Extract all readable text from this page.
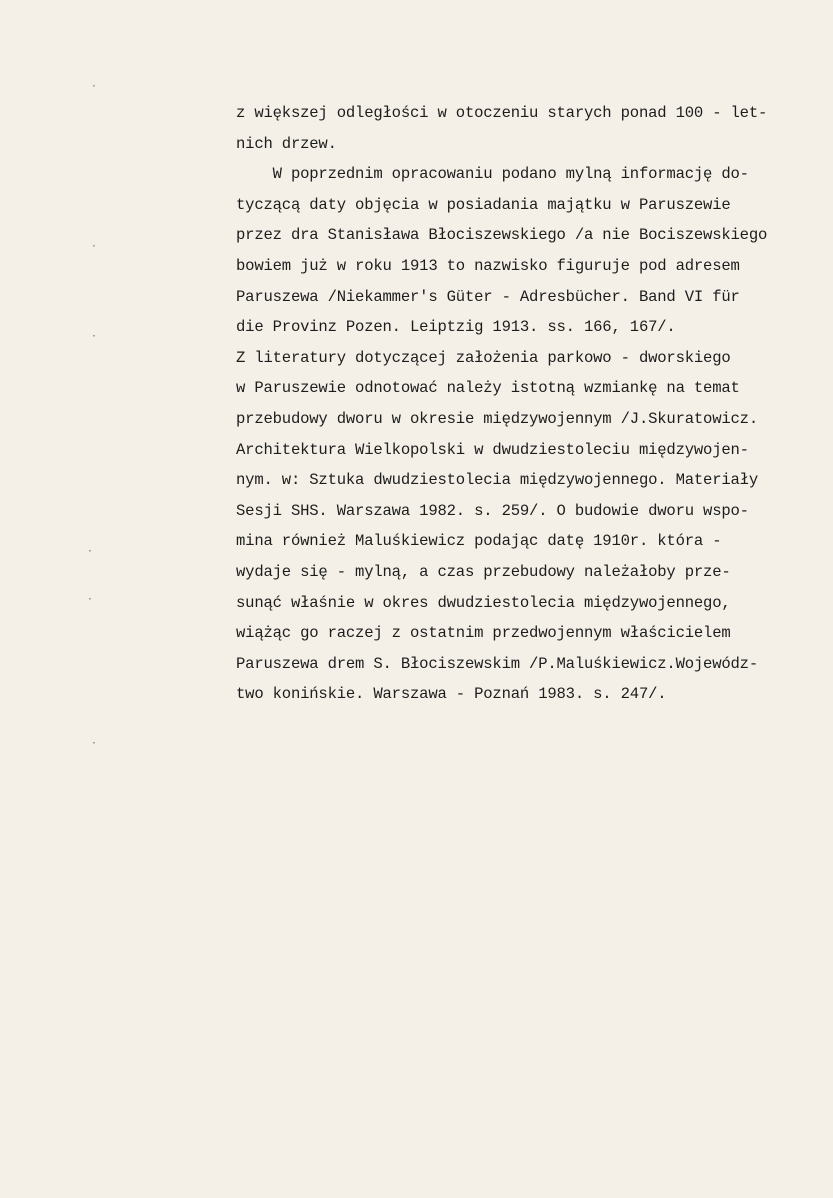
·
·
·
·
·
·
z większej odległości w otoczeniu starych ponad 100 - let-
nich drzew.
W poprzednim opracowaniu podano mylną informację do-
tyczącą daty objęcia w posiadania majątku w Paruszewie
przez dra Stanisława Błociszewskiego /a nie Bociszewskiego
bowiem już w roku 1913 to nazwisko figuruje pod adresem
Paruszewa /Niekammer's Güter - Adresbücher. Band VI für
die Provinz Pozen. Leiptzig 1913. ss. 166, 167/.
Z literatury dotyczącej założenia parkowo - dworskiego
w Paruszewie odnotować należy istotną wzmiankę na temat
przebudowy dworu w okresie międzywojennym /J.Skuratowicz.
Architektura Wielkopolski w dwudziestoleciu międzywojen-
nym. w: Sztuka dwudziestolecia międzywojennego. Materiały
Sesji SHS. Warszawa 1982. s. 259/. O budowie dworu wspo-
mina również Maluśkiewicz podając datę 1910r. która -
wydaje się - mylną, a czas przebudowy należałoby prze-
sunąć właśnie w okres dwudziestolecia międzywojennego,
wiążąc go raczej z ostatnim przedwojennym właścicielem
Paruszewa drem S. Błociszewskim /P.Maluśkiewicz.Wojewódz-
two konińskie. Warszawa - Poznań 1983. s. 247/.
